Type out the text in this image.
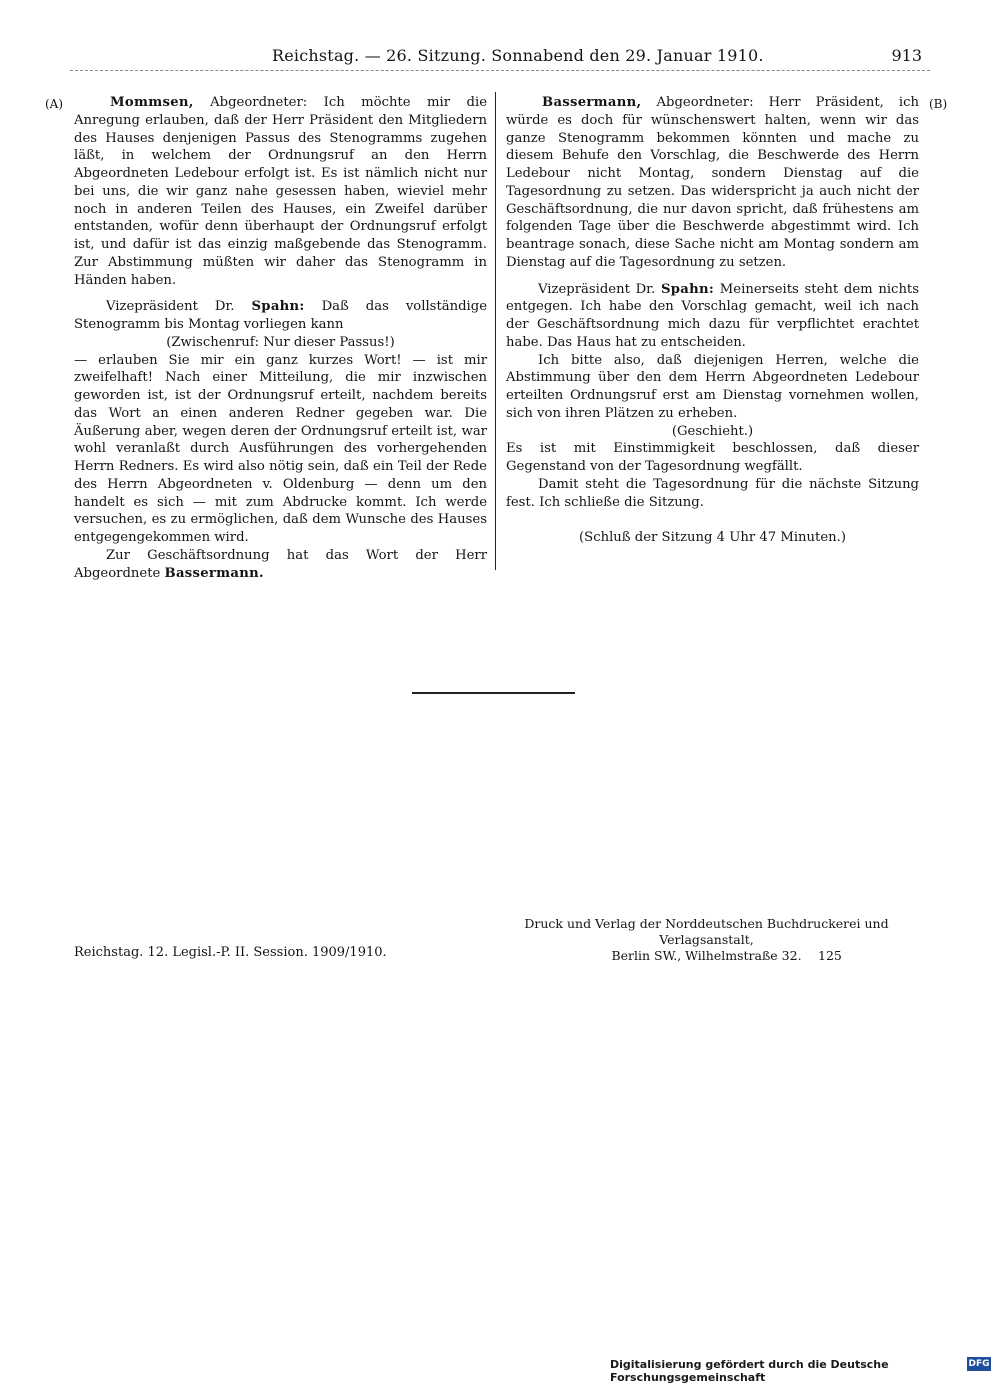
Reichstag. — 26. Sitzung. Sonnabend den 29. Januar 1910.	913
(A)	(B)

Mommsen, Abgeordneter: Ich möchte mir die Anregung erlauben, daß der Herr Präsident den Mitgliedern des Hauses denjenigen Passus des Stenogramms zugehen läßt, in welchem der Ordnungsruf an den Herrn Abgeordneten Ledebour erfolgt ist. Es ist nämlich nicht nur bei uns, die wir ganz nahe gesessen haben, wieviel mehr noch in anderen Teilen des Hauses, ein Zweifel darüber entstanden, wofür denn überhaupt der Ordnungsruf erfolgt ist, und dafür ist das einzig maßgebende das Stenogramm. Zur Abstimmung müßten wir daher das Stenogramm in Händen haben.

Vizepräsident Dr. Spahn: Daß das vollständige Stenogramm bis Montag vorliegen kann

(Zwischenruf: Nur dieser Passus!)

— erlauben Sie mir ein ganz kurzes Wort! — ist mir zweifelhaft! Nach einer Mitteilung, die mir inzwischen geworden ist, ist der Ordnungsruf erteilt, nachdem bereits das Wort an einen anderen Redner gegeben war. Die Äußerung aber, wegen deren der Ordnungsruf erteilt ist, war wohl veranlaßt durch Ausführungen des vorhergehenden Herrn Redners. Es wird also nötig sein, daß ein Teil der Rede des Herrn Abgeordneten v. Oldenburg — denn um den handelt es sich — mit zum Abdrucke kommt. Ich werde versuchen, es zu ermöglichen, daß dem Wunsche des Hauses entgegengekommen wird.

Zur Geschäftsordnung hat das Wort der Herr Abgeordnete Bassermann.

Bassermann, Abgeordneter: Herr Präsident, ich würde es doch für wünschenswert halten, wenn wir das ganze Stenogramm bekommen könnten und mache zu diesem Behufe den Vorschlag, die Beschwerde des Herrn Ledebour nicht Montag, sondern Dienstag auf die Tagesordnung zu setzen. Das widerspricht ja auch nicht der Geschäftsordnung, die nur davon spricht, daß frühestens am folgenden Tage über die Beschwerde abgestimmt wird. Ich beantrage sonach, diese Sache nicht am Montag sondern am Dienstag auf die Tagesordnung zu setzen.

Vizepräsident Dr. Spahn: Meinerseits steht dem nichts entgegen. Ich habe den Vorschlag gemacht, weil ich nach der Geschäftsordnung mich dazu für verpflichtet erachtet habe. Das Haus hat zu entscheiden.

Ich bitte also, daß diejenigen Herren, welche die Abstimmung über den dem Herrn Abgeordneten Ledebour erteilten Ordnungsruf erst am Dienstag vornehmen wollen, sich von ihren Plätzen zu erheben.

(Geschieht.)

Es ist mit Einstimmigkeit beschlossen, daß dieser Gegenstand von der Tagesordnung wegfällt.

Damit steht die Tagesordnung für die nächste Sitzung fest. Ich schließe die Sitzung.

(Schluß der Sitzung 4 Uhr 47 Minuten.)

Druck und Verlag der Norddeutschen Buchdruckerei und Verlagsanstalt,
Berlin SW., Wilhelmstraße 32.
Reichstag. 12. Legisl.-P. II. Session. 1909/1910.	125
Digitalisierung gefördert durch die Deutsche Forschungsgemeinschaft
DFG
